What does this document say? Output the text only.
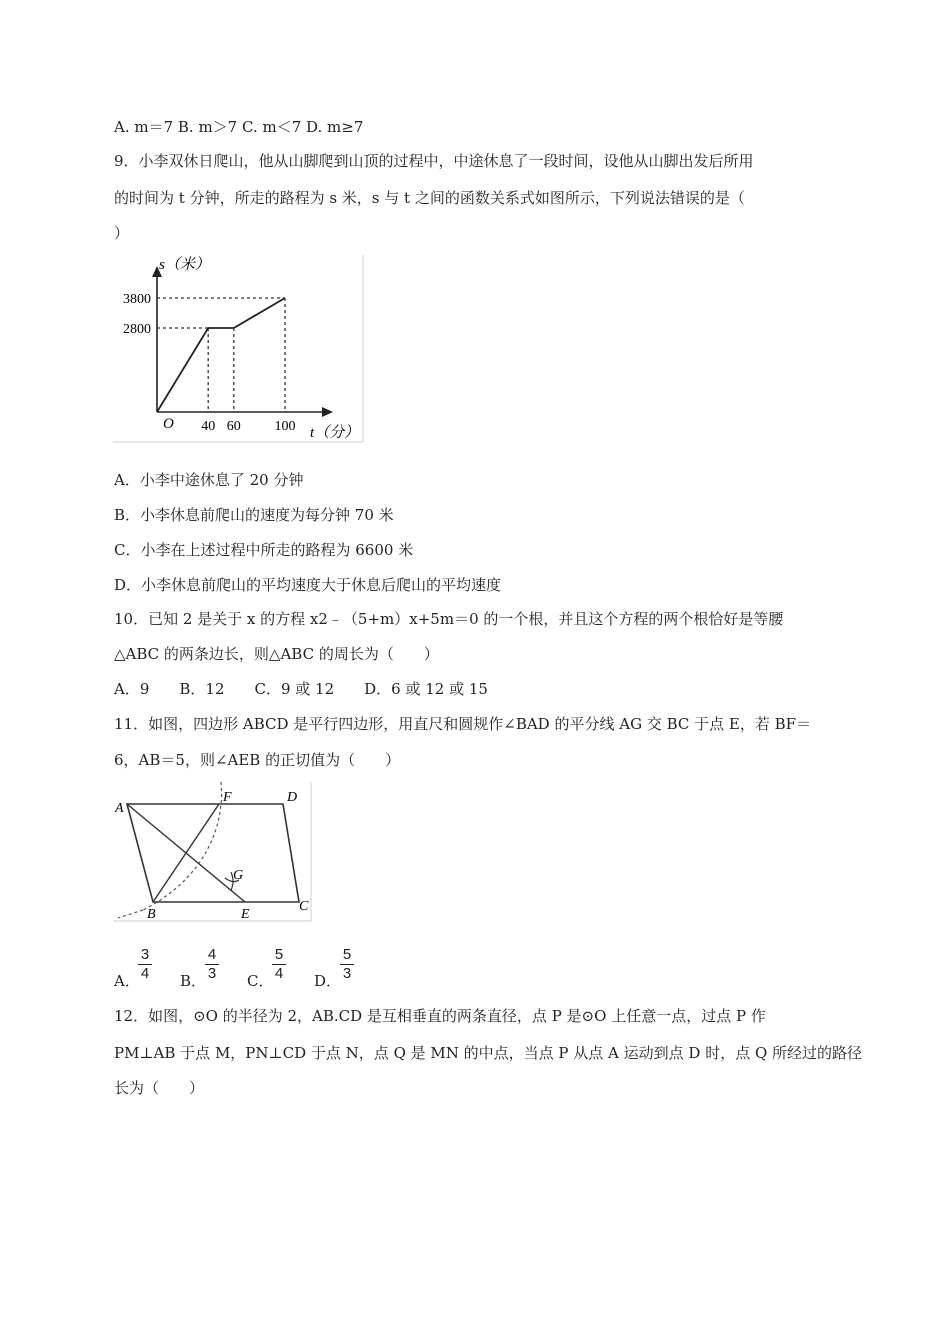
A. m＝7 B. m＞7 C. m＜7 D. m≥7
9．小李双休日爬山，他从山脚爬到山顶的过程中，中途休息了一段时间，设他从山脚出发后所用
的时间为 t 分钟，所走的路程为 s 米，s 与 t 之间的函数关系式如图所示，下列说法错误的是（
）
40 60 100
3800
2800
s（米）
t（分）
O
A．小李中途休息了 20 分钟
B．小李休息前爬山的速度为每分钟 70 米
C．小李在上述过程中所走的路程为 6600 米
D．小李休息前爬山的平均速度大于休息后爬山的平均速度
10．已知 2 是关于 x 的方程 x2﹣（5+m）x+5m＝0 的一个根，并且这个方程的两个根恰好是等腰
△ABC 的两条边长，则△ABC 的周长为（　　）
A．9　　B．12　　C．9 或 12　　D．6 或 12 或 15
11．如图，四边形 ABCD 是平行四边形，用直尺和圆规作∠BAD 的平分线 AG 交 BC 于点 E，若 BF＝
6，AB＝5，则∠AEB 的正切值为（　　）
A
F	D
G
B	E
C
A．
3
4 B．
4
3 C．
5
4 D．
5
3
12．如图，⊙O 的半径为 2，AB.CD 是互相垂直的两条直径，点 P 是⊙O 上任意一点，过点 P 作
PM⊥AB 于点 M，PN⊥CD 于点 N，点 Q 是 MN 的中点，当点 P 从点 A 运动到点 D 时，点 Q 所经过的路径
长为（　　）
